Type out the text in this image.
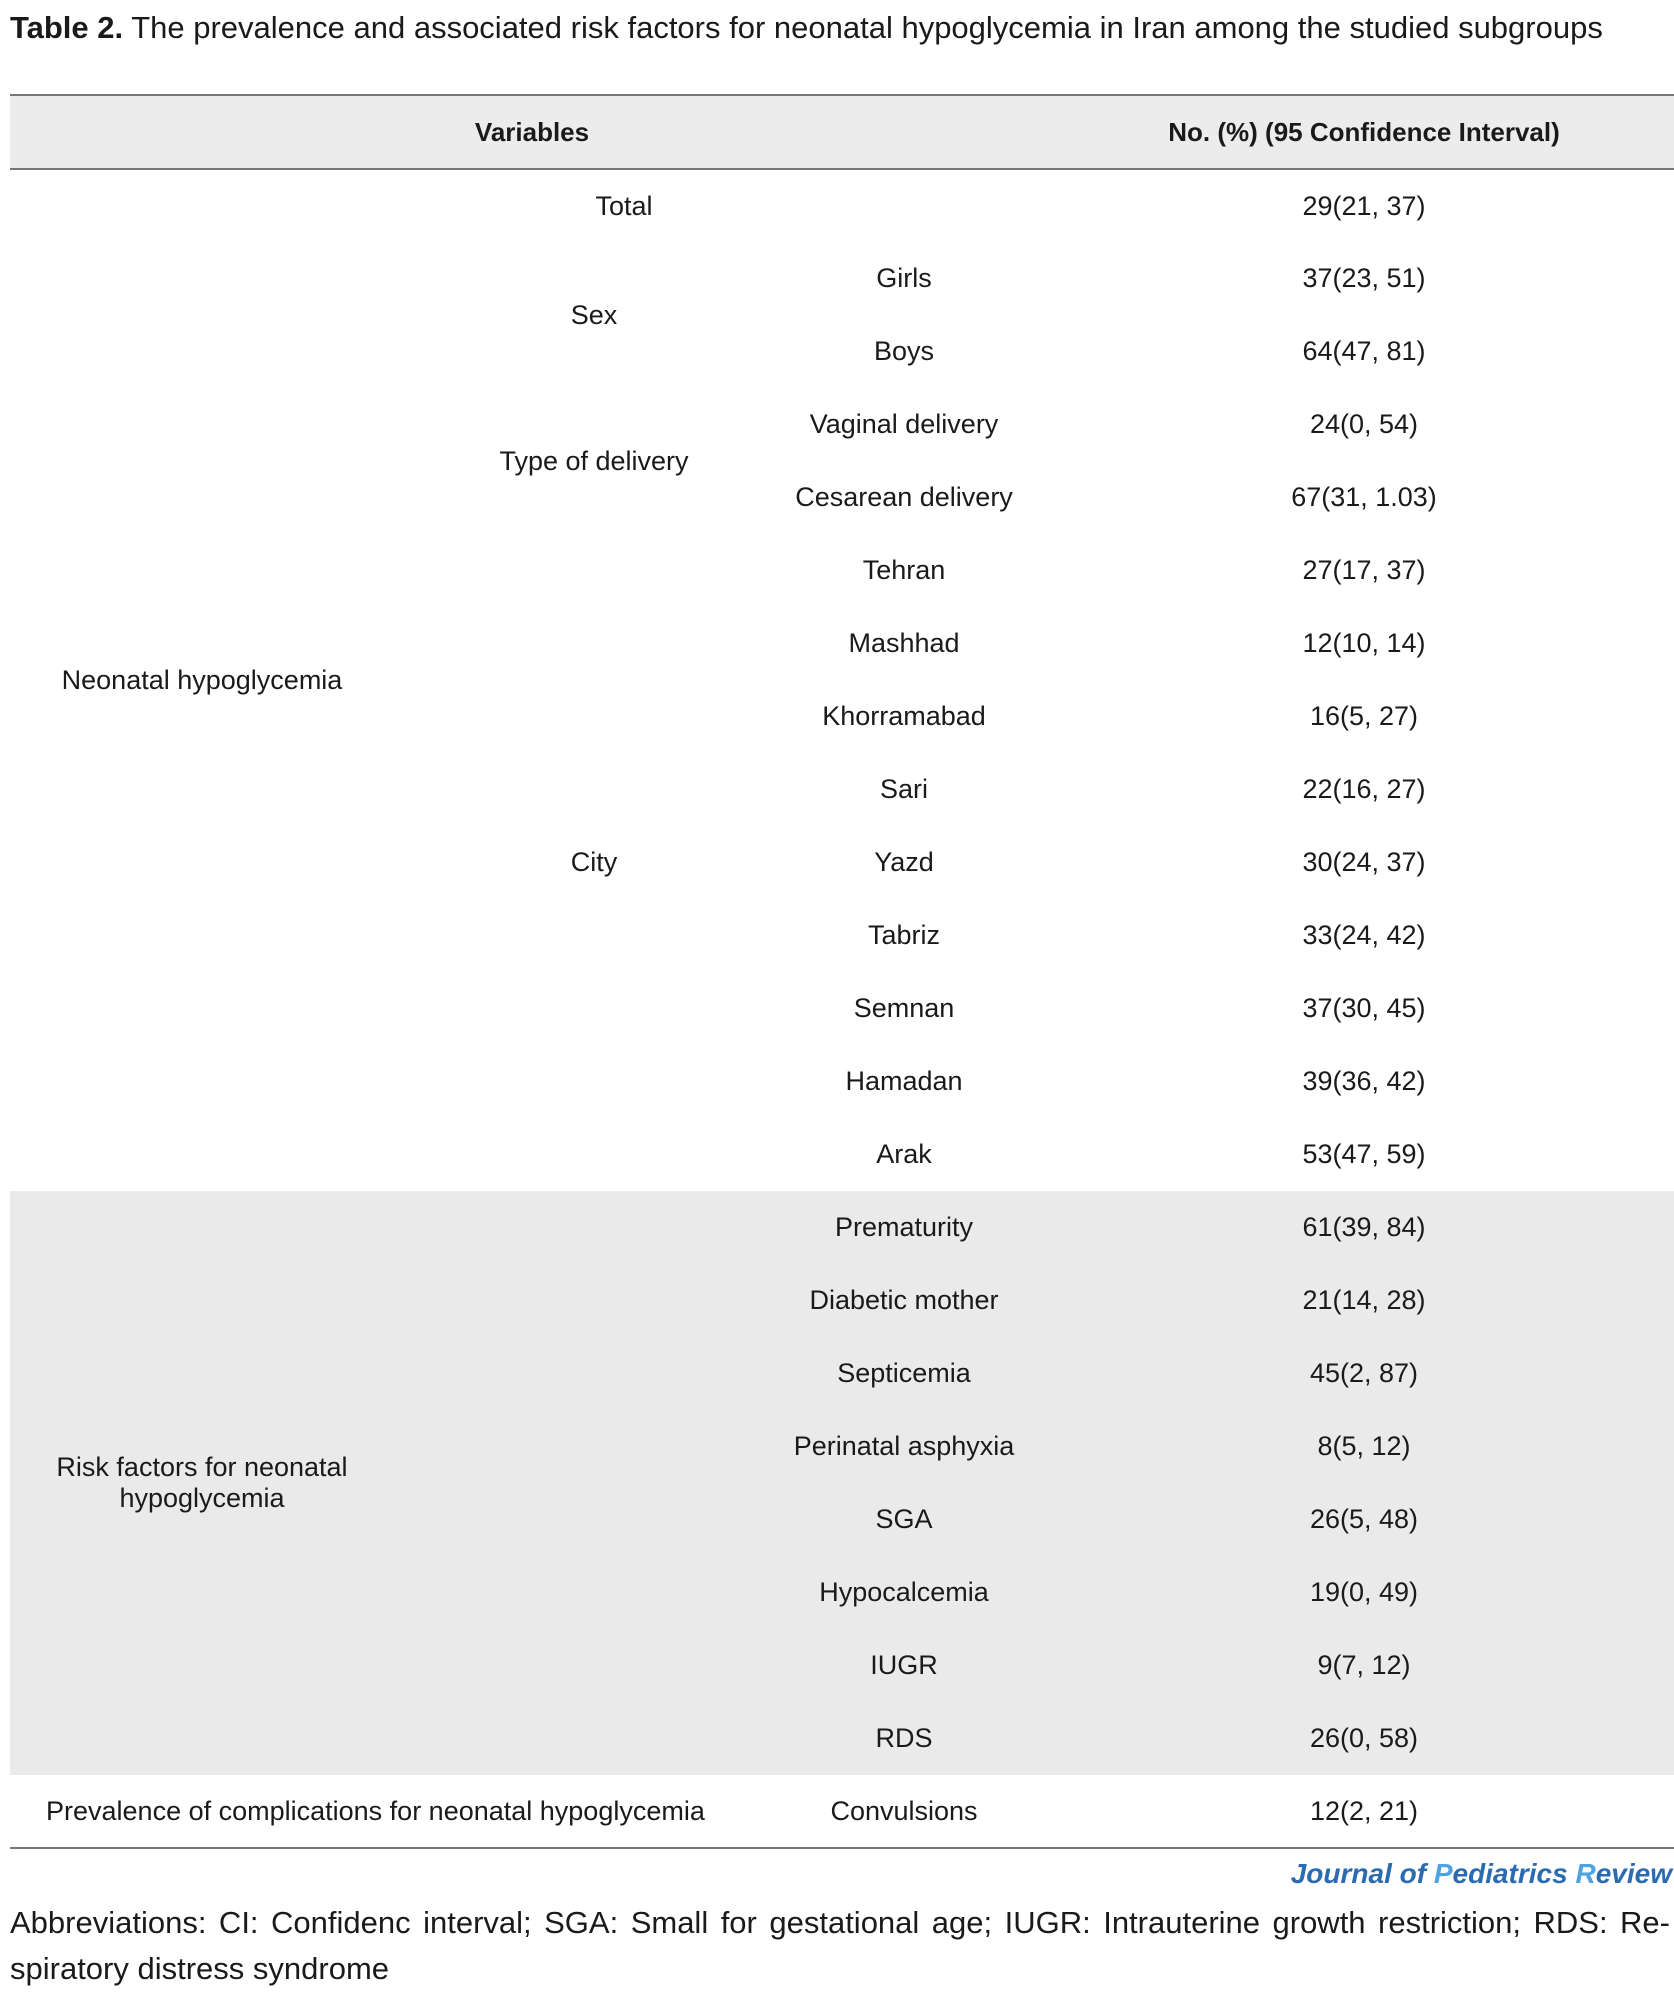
Table 2. The prevalence and associated risk factors for neonatal hypoglycemia in Iran among the studied subgroups
Variables			No. (%) (95 Confidence Interval)
Neonatal hypoglycemia	Total		29(21, 37)
	Sex	Girls	37(23, 51)
		Boys	64(47, 81)
	Type of delivery	Vaginal delivery	24(0, 54)
		Cesarean delivery	67(31, 1.03)
	City	Tehran	27(17, 37)
		Mashhad	12(10, 14)
		Khorramabad	16(5, 27)
		Sari	22(16, 27)
		Yazd	30(24, 37)
		Tabriz	33(24, 42)
		Semnan	37(30, 45)
		Hamadan	39(36, 42)
		Arak	53(47, 59)
Risk factors for neonatal hypoglycemia		Prematurity	61(39, 84)
		Diabetic mother	21(14, 28)
		Septicemia	45(2, 87)
		Perinatal asphyxia	8(5, 12)
		SGA	26(5, 48)
		Hypocalcemia	19(0, 49)
		IUGR	9(7, 12)
		RDS	26(0, 58)
Prevalence of complications for neonatal hypoglycemia		Convulsions	12(2, 21)
Journal of Pediatrics Review
Abbreviations: CI: Confidenc interval; SGA: Small for gestational age; IUGR: Intrauterine growth restriction; RDS: Re-spiratory distress syndrome
